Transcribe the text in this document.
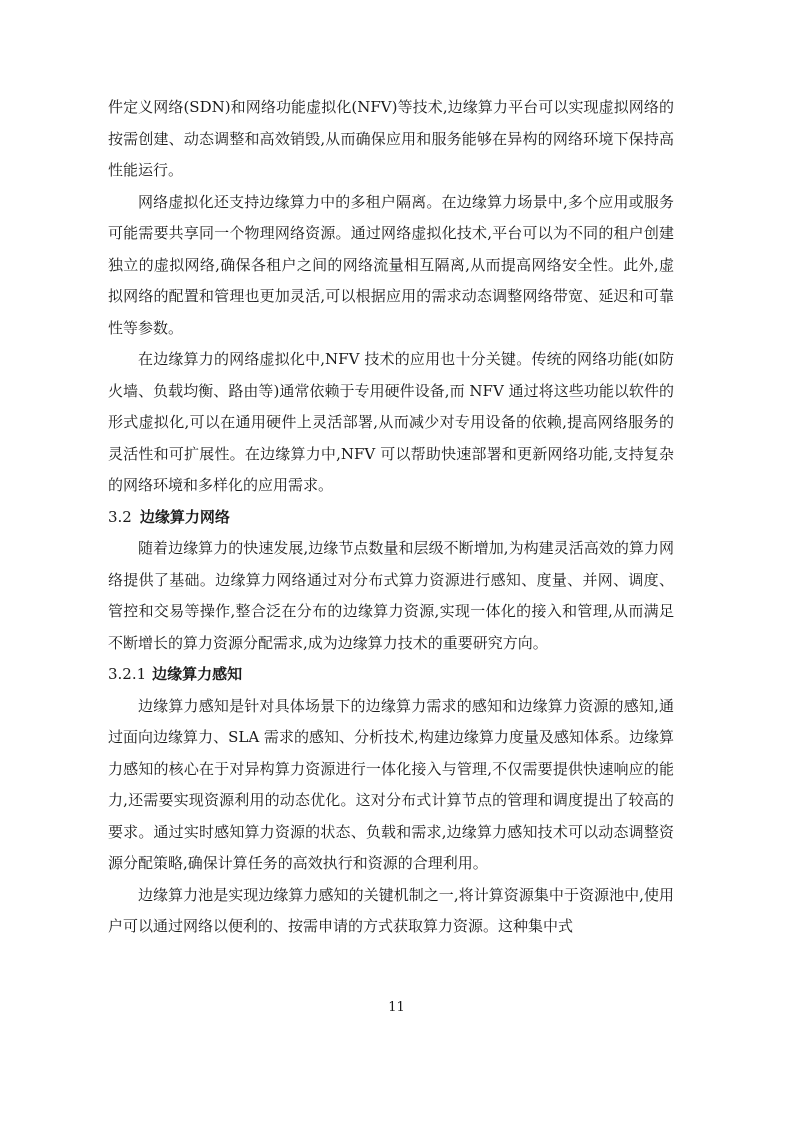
件定义网络(SDN)和网络功能虚拟化(NFV)等技术,边缘算力平台可以实现虚拟网络的按需创建、动态调整和高效销毁,从而确保应用和服务能够在异构的网络环境下保持高性能运行。

网络虚拟化还支持边缘算力中的多租户隔离。在边缘算力场景中,多个应用或服务可能需要共享同一个物理网络资源。通过网络虚拟化技术,平台可以为不同的租户创建独立的虚拟网络,确保各租户之间的网络流量相互隔离,从而提高网络安全性。此外,虚拟网络的配置和管理也更加灵活,可以根据应用的需求动态调整网络带宽、延迟和可靠性等参数。

在边缘算力的网络虚拟化中,NFV 技术的应用也十分关键。传统的网络功能(如防火墙、负载均衡、路由等)通常依赖于专用硬件设备,而 NFV 通过将这些功能以软件的形式虚拟化,可以在通用硬件上灵活部署,从而减少对专用设备的依赖,提高网络服务的灵活性和可扩展性。在边缘算力中,NFV 可以帮助快速部署和更新网络功能,支持复杂的网络环境和多样化的应用需求。

3.2 边缘算力网络

随着边缘算力的快速发展,边缘节点数量和层级不断增加,为构建灵活高效的算力网络提供了基础。边缘算力网络通过对分布式算力资源进行感知、度量、并网、调度、管控和交易等操作,整合泛在分布的边缘算力资源,实现一体化的接入和管理,从而满足不断增长的算力资源分配需求,成为边缘算力技术的重要研究方向。

3.2.1 边缘算力感知

边缘算力感知是针对具体场景下的边缘算力需求的感知和边缘算力资源的感知,通过面向边缘算力、SLA 需求的感知、分析技术,构建边缘算力度量及感知体系。边缘算力感知的核心在于对异构算力资源进行一体化接入与管理,不仅需要提供快速响应的能力,还需要实现资源利用的动态优化。这对分布式计算节点的管理和调度提出了较高的要求。通过实时感知算力资源的状态、负载和需求,边缘算力感知技术可以动态调整资源分配策略,确保计算任务的高效执行和资源的合理利用。

边缘算力池是实现边缘算力感知的关键机制之一,将计算资源集中于资源池中,使用户可以通过网络以便利的、按需申请的方式获取算力资源。这种集中式

11
